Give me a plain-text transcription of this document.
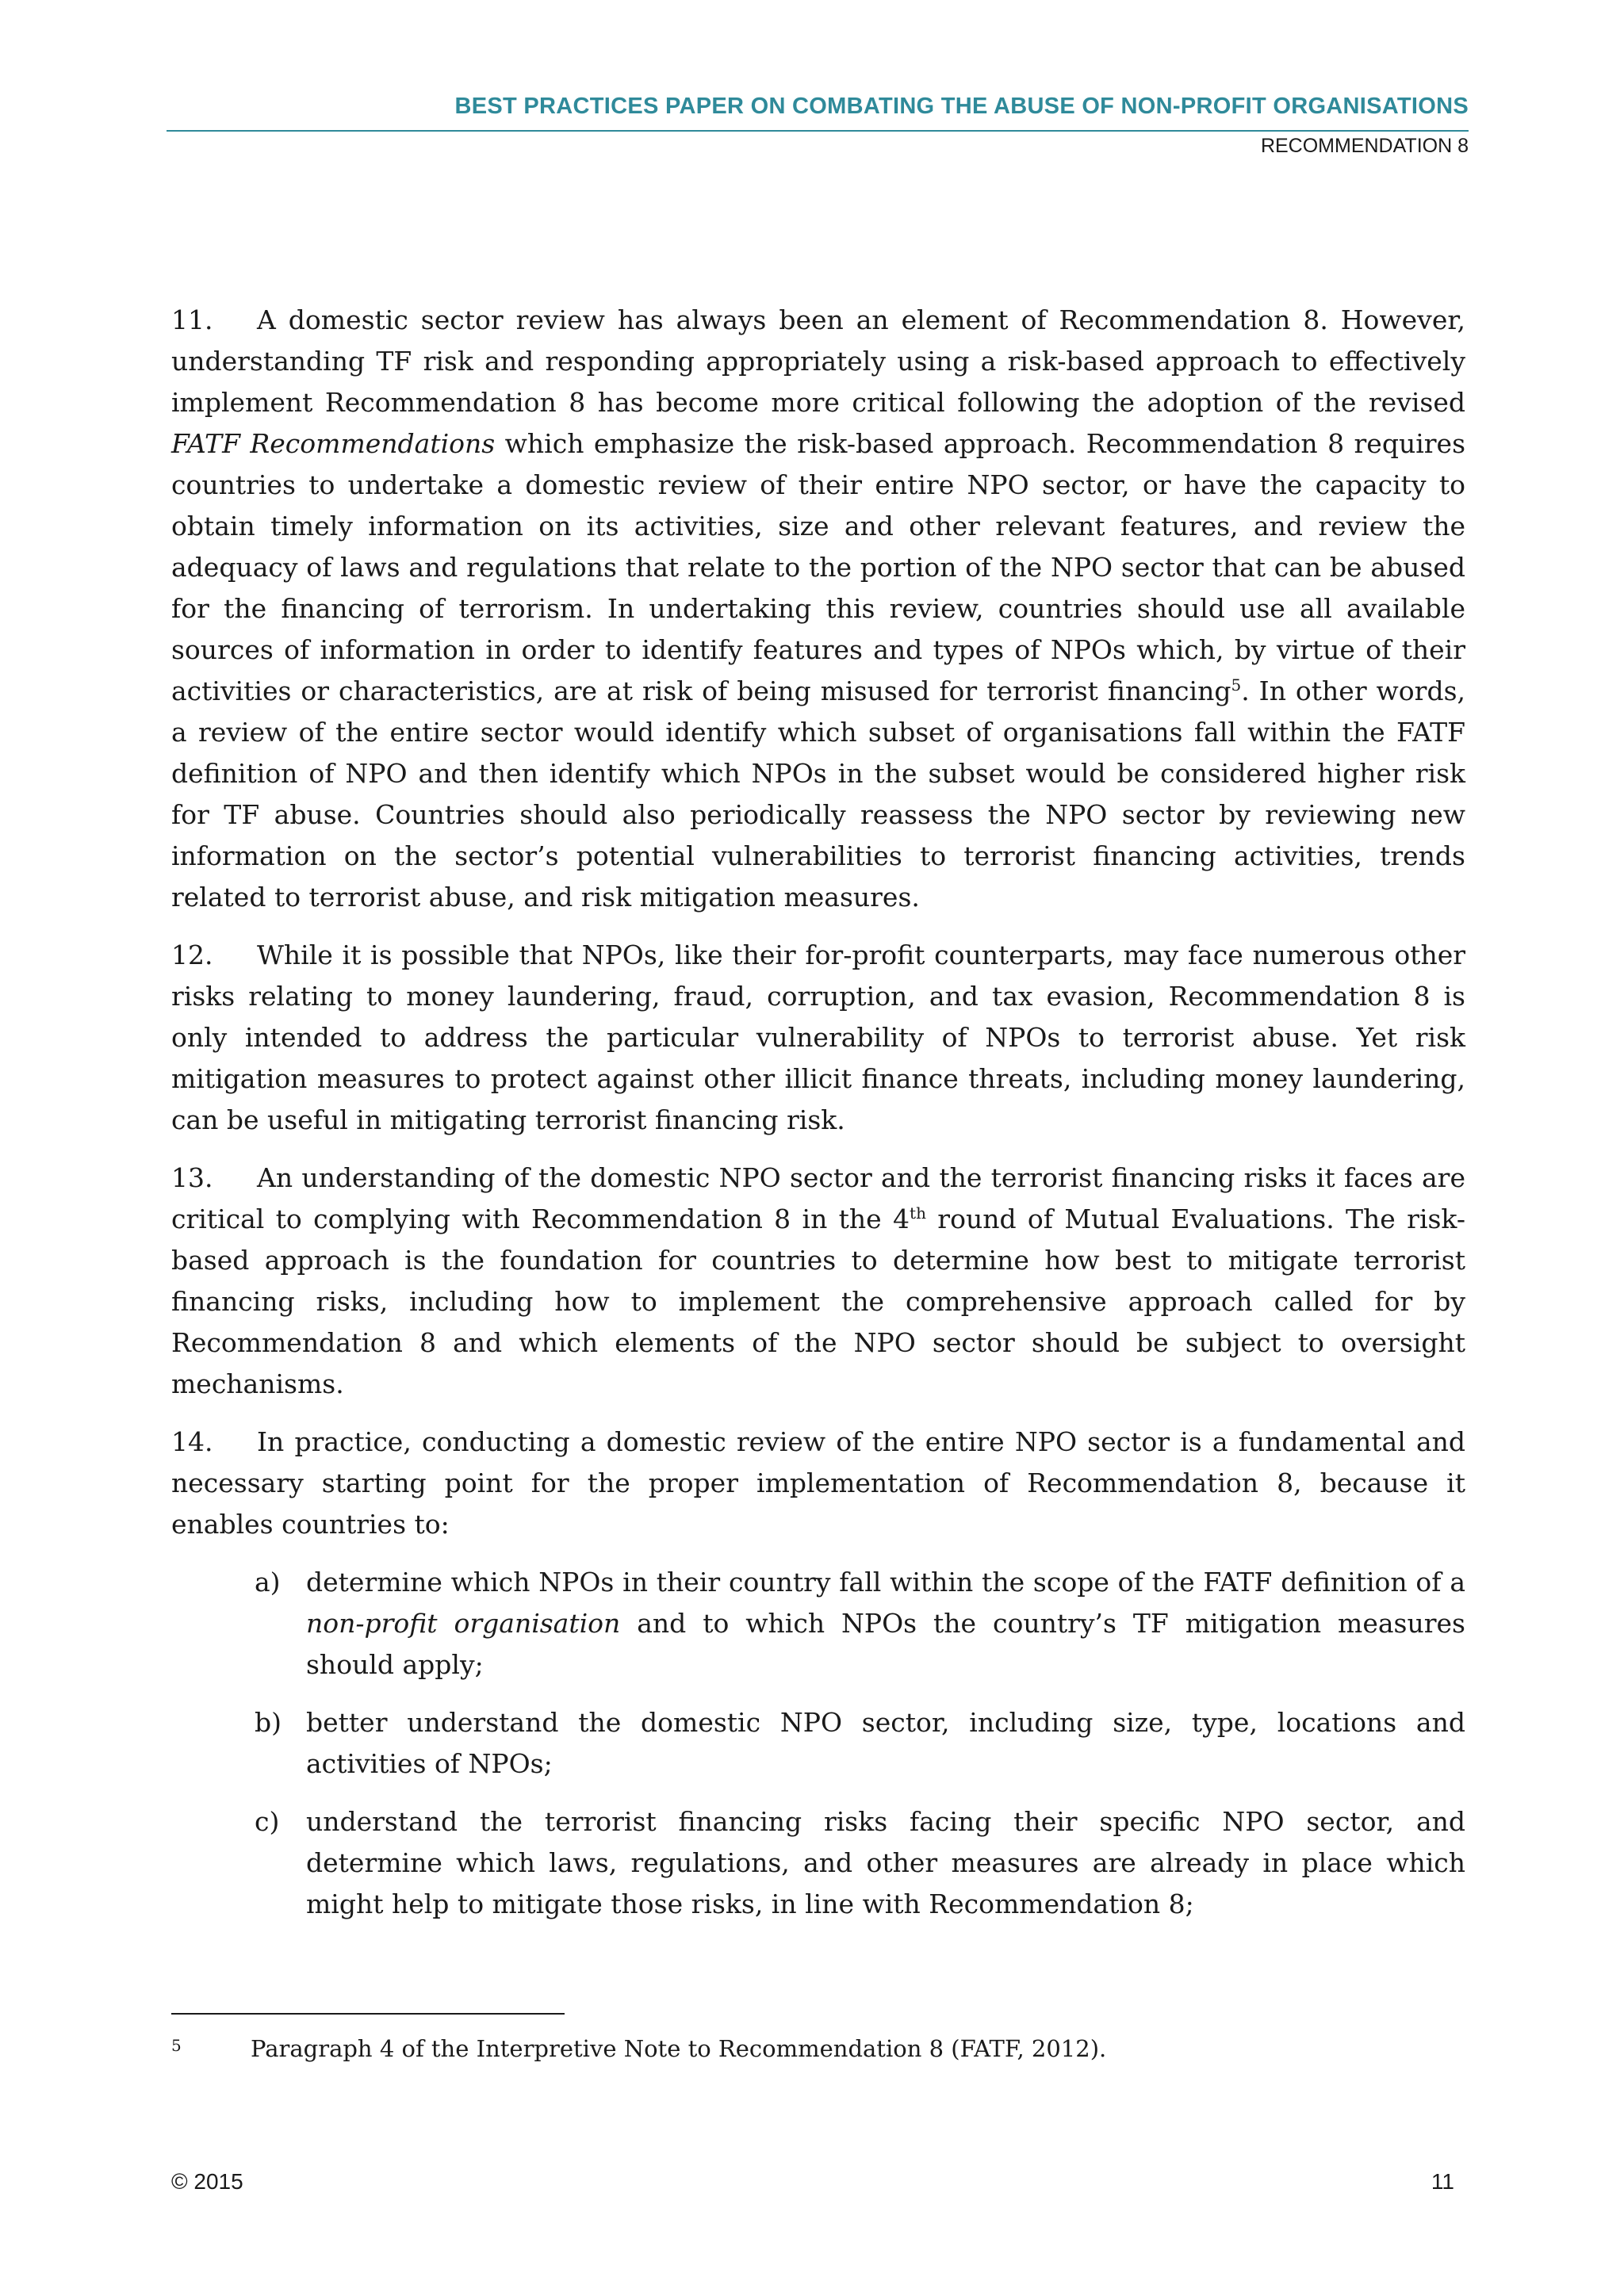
BEST PRACTICES PAPER ON COMBATING THE ABUSE OF NON-PROFIT ORGANISATIONS
RECOMMENDATION 8

11. A domestic sector review has always been an element of Recommendation 8. However, understanding TF risk and responding appropriately using a risk-based approach to effectively implement Recommendation 8 has become more critical following the adoption of the revised FATF Recommendations which emphasize the risk-based approach. Recommendation 8 requires countries to undertake a domestic review of their entire NPO sector, or have the capacity to obtain timely information on its activities, size and other relevant features, and review the adequacy of laws and regulations that relate to the portion of the NPO sector that can be abused for the financing of terrorism. In undertaking this review, countries should use all available sources of information in order to identify features and types of NPOs which, by virtue of their activities or characteristics, are at risk of being misused for terrorist financing$^5$. In other words, a review of the entire sector would identify which subset of organisations fall within the FATF definition of NPO and then identify which NPOs in the subset would be considered higher risk for TF abuse. Countries should also periodically reassess the NPO sector by reviewing new information on the sector’s potential vulnerabilities to terrorist financing activities, trends related to terrorist abuse, and risk mitigation measures.

12. While it is possible that NPOs, like their for-profit counterparts, may face numerous other risks relating to money laundering, fraud, corruption, and tax evasion, Recommendation 8 is only intended to address the particular vulnerability of NPOs to terrorist abuse. Yet risk mitigation measures to protect against other illicit finance threats, including money laundering, can be useful in mitigating terrorist financing risk.

13. An understanding of the domestic NPO sector and the terrorist financing risks it faces are critical to complying with Recommendation 8 in the 4th round of Mutual Evaluations. The risk-based approach is the foundation for countries to determine how best to mitigate terrorist financing risks, including how to implement the comprehensive approach called for by Recommendation 8 and which elements of the NPO sector should be subject to oversight mechanisms.

14. In practice, conducting a domestic review of the entire NPO sector is a fundamental and necessary starting point for the proper implementation of Recommendation 8, because it enables countries to:

a) determine which NPOs in their country fall within the scope of the FATF definition of a non-profit organisation and to which NPOs the country’s TF mitigation measures should apply;
b) better understand the domestic NPO sector, including size, type, locations and activities of NPOs;
c) understand the terrorist financing risks facing their specific NPO sector, and determine which laws, regulations, and other measures are already in place which might help to mitigate those risks, in line with Recommendation 8;
5	Paragraph 4 of the Interpretive Note to Recommendation 8 (FATF, 2012).
© 2015	11
